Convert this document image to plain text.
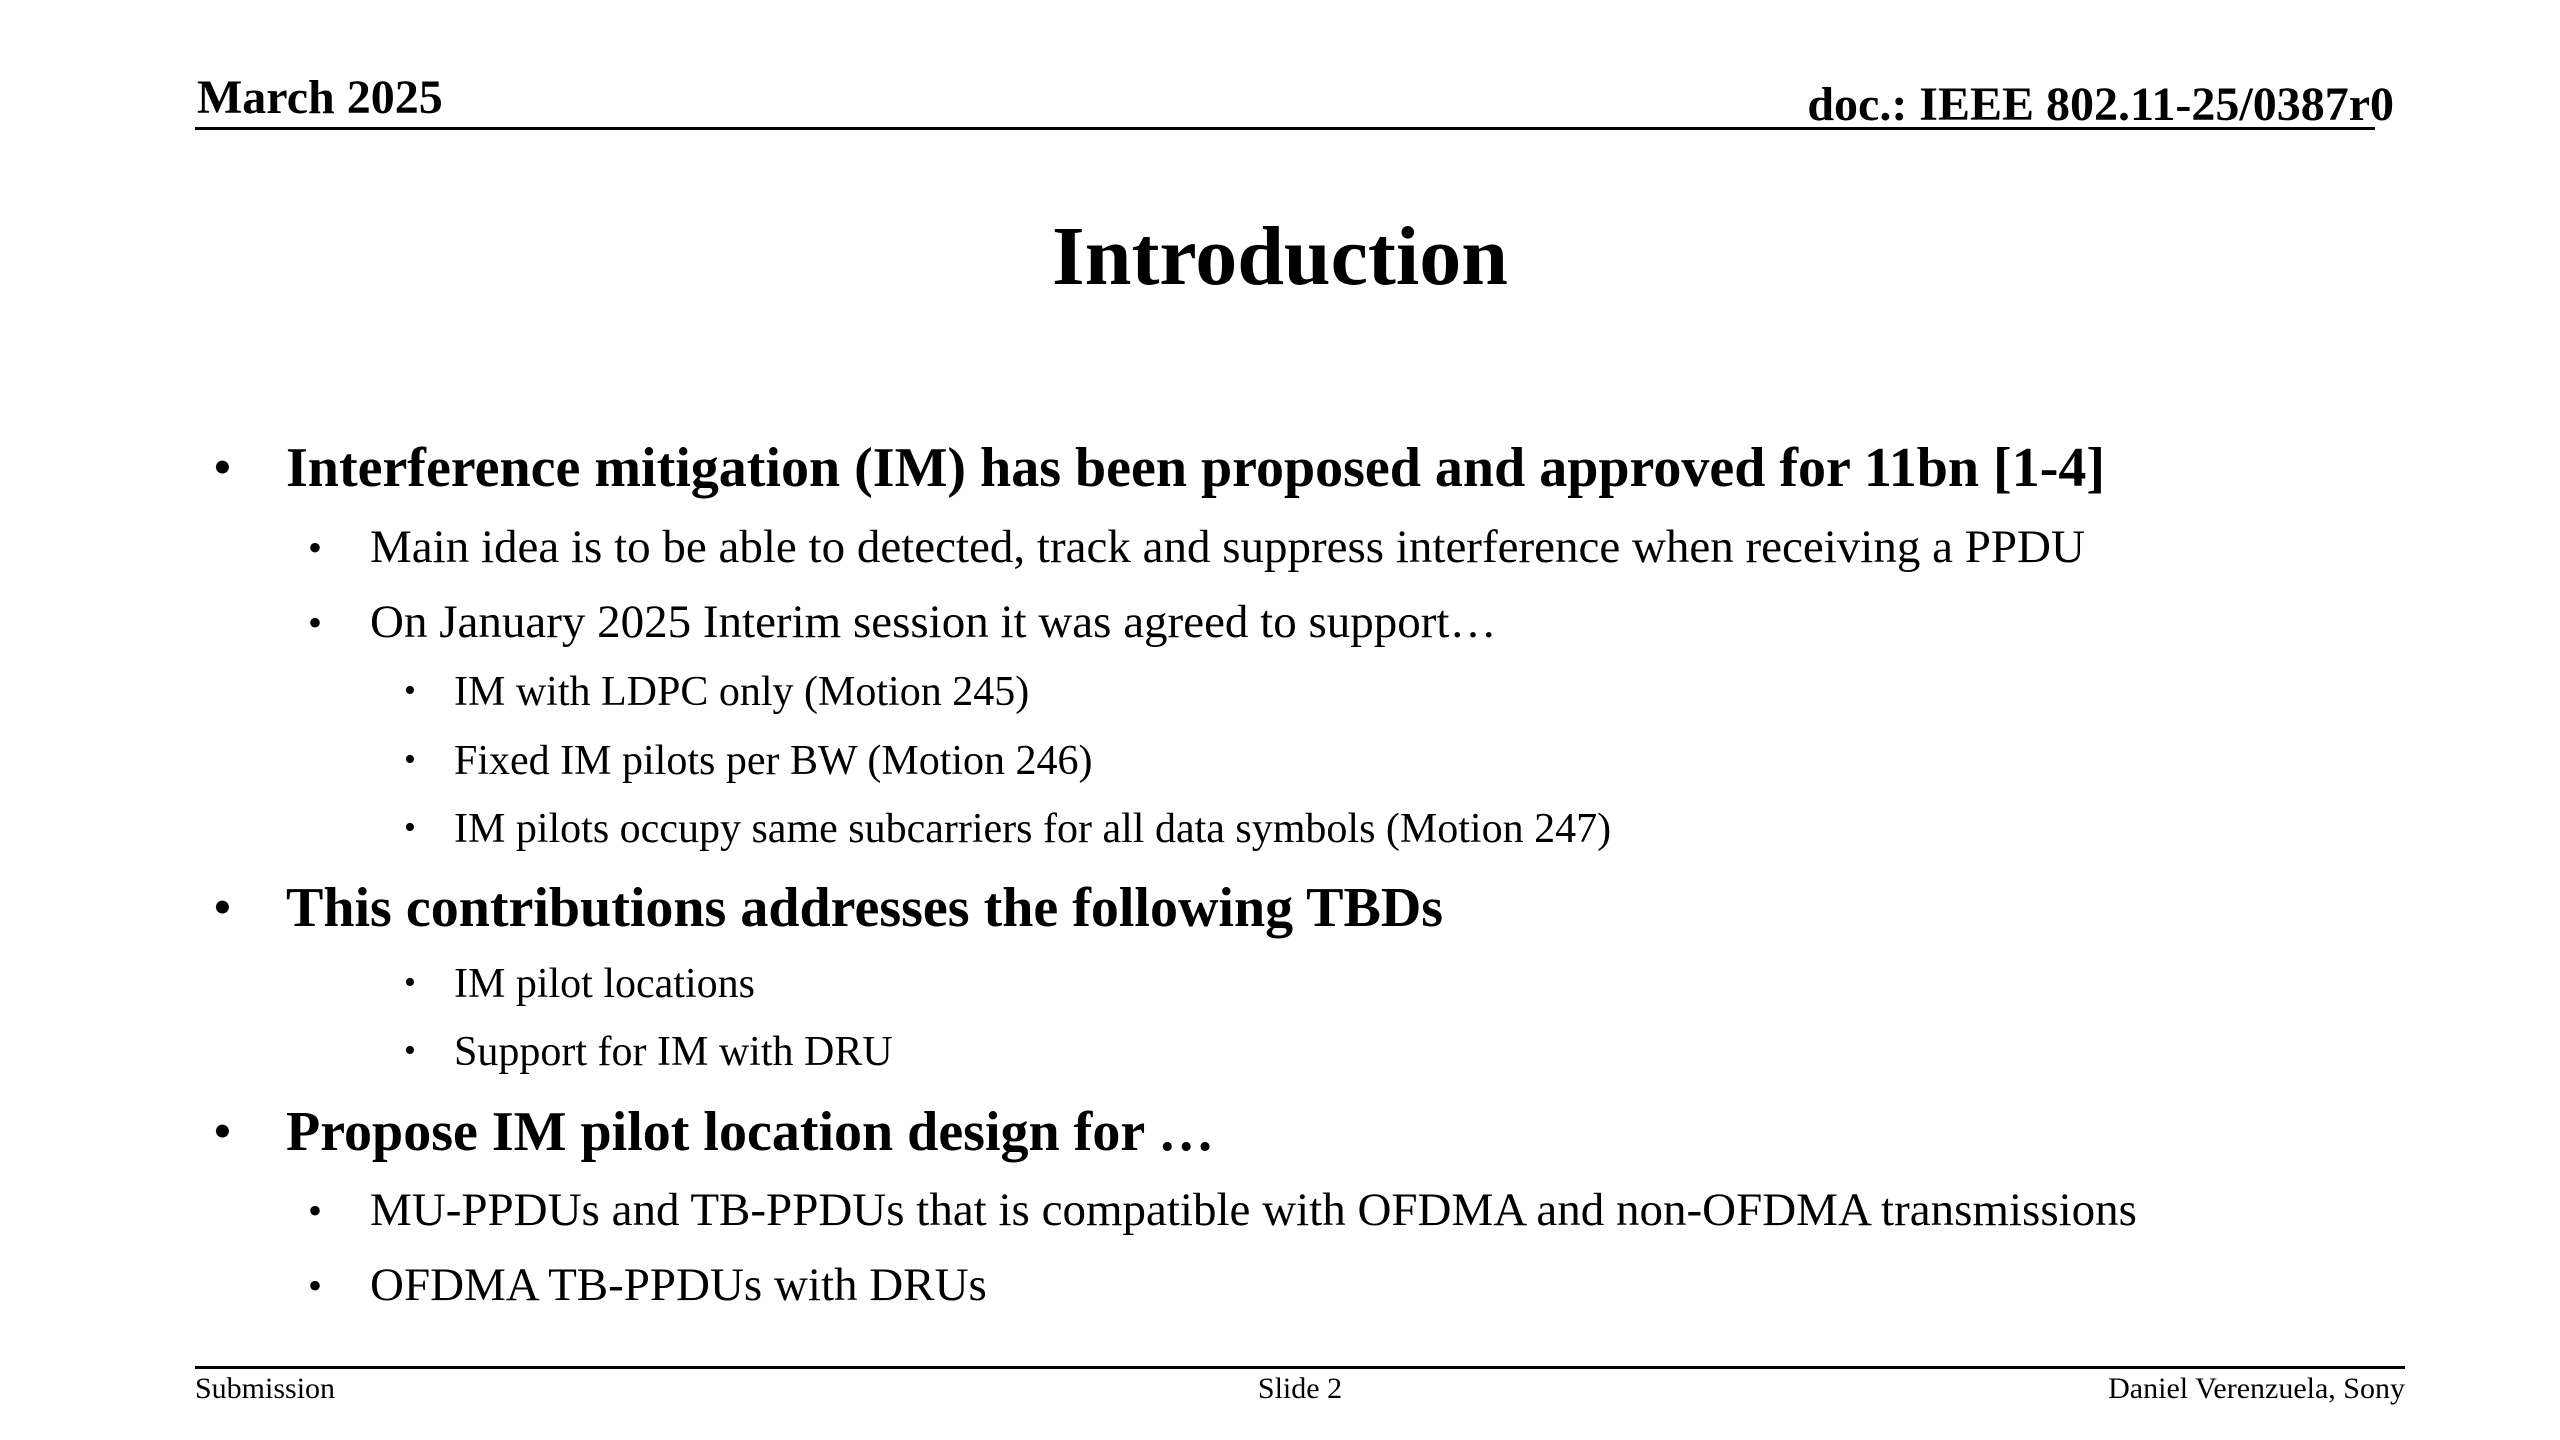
March 2025	doc.: IEEE 802.11-25/0387r0
Introduction
• Interference mitigation (IM) has been proposed and approved for 11bn [1-4]
• Main idea is to be able to detected, track and suppress interference when receiving a PPDU
• On January 2025 Interim session it was agreed to support…
• IM with LDPC only (Motion 245)
• Fixed IM pilots per BW (Motion 246)
• IM pilots occupy same subcarriers for all data symbols (Motion 247)
• This contributions addresses the following TBDs
• IM pilot locations
• Support for IM with DRU
• Propose IM pilot location design for …
• MU-PPDUs and TB-PPDUs that is compatible with OFDMA and non-OFDMA transmissions
• OFDMA TB-PPDUs with DRUs
Submission	Slide 2	Daniel Verenzuela, Sony
